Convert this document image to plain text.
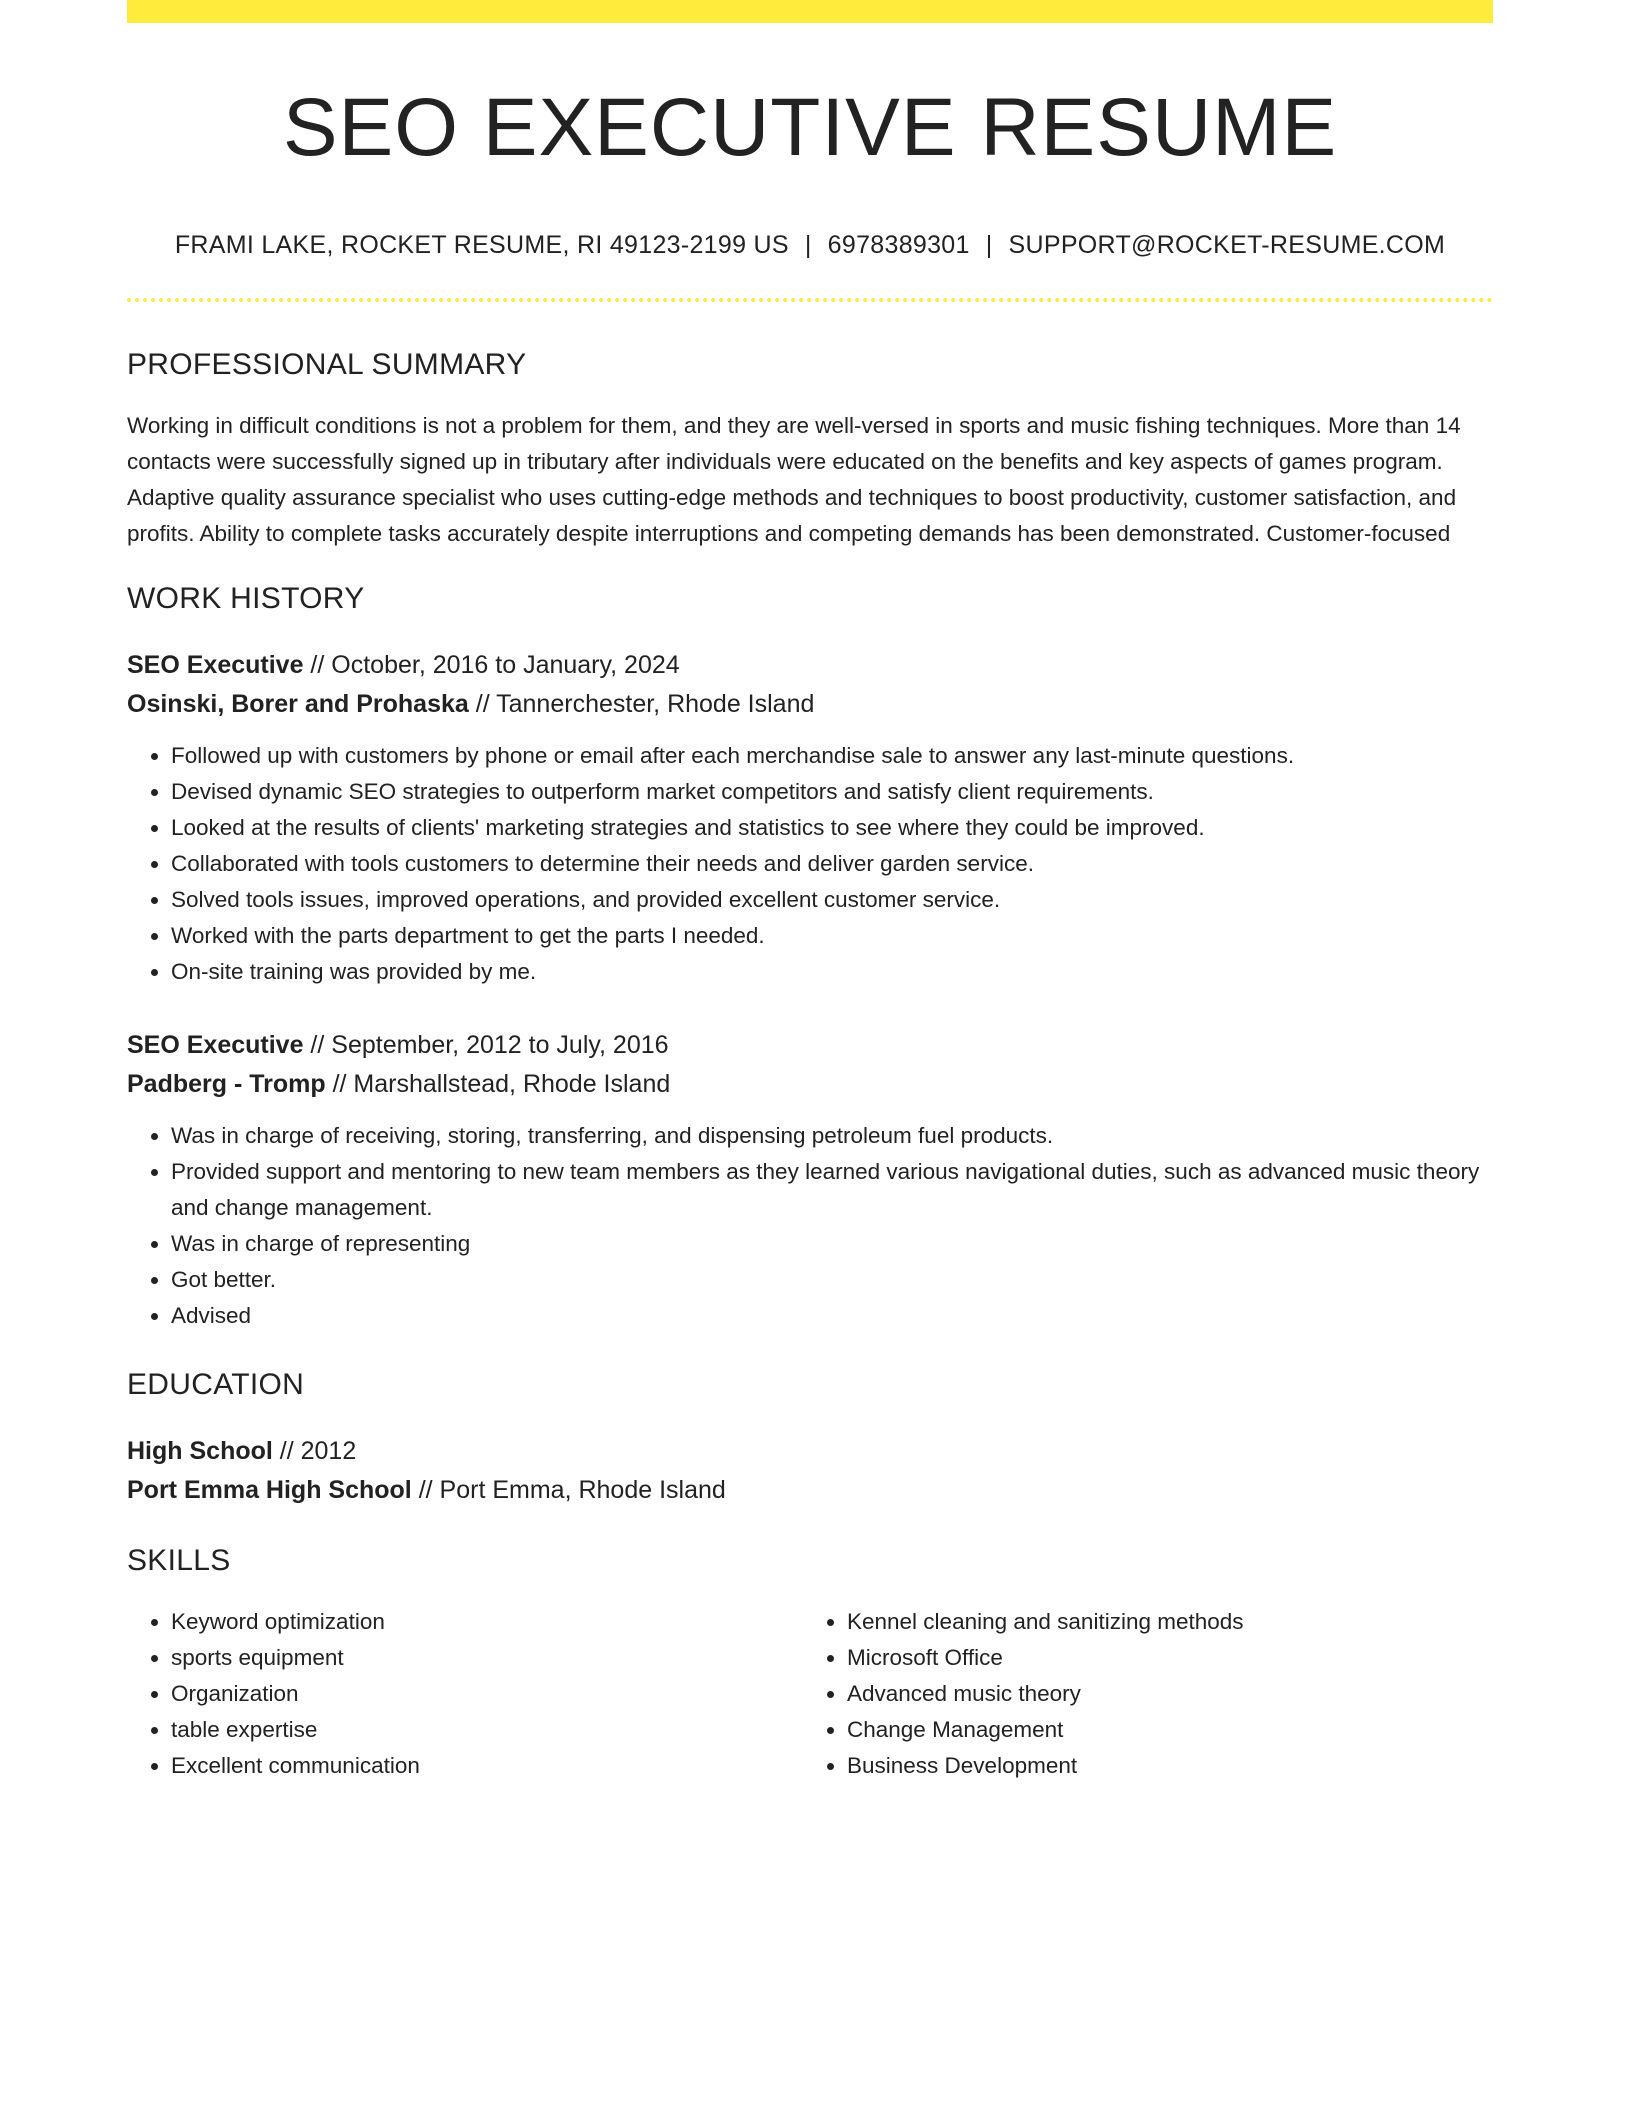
SEO EXECUTIVE RESUME
FRAMI LAKE, ROCKET RESUME, RI 49123-2199 US | 6978389301 | SUPPORT@ROCKET-RESUME.COM
PROFESSIONAL SUMMARY
Working in difficult conditions is not a problem for them, and they are well-versed in sports and music fishing techniques. More than 14 contacts were successfully signed up in tributary after individuals were educated on the benefits and key aspects of games program. Adaptive quality assurance specialist who uses cutting-edge methods and techniques to boost productivity, customer satisfaction, and profits. Ability to complete tasks accurately despite interruptions and competing demands has been demonstrated. Customer-focused
WORK HISTORY
SEO Executive // October, 2016 to January, 2024
Osinski, Borer and Prohaska // Tannerchester, Rhode Island
• Followed up with customers by phone or email after each merchandise sale to answer any last-minute questions.
• Devised dynamic SEO strategies to outperform market competitors and satisfy client requirements.
• Looked at the results of clients' marketing strategies and statistics to see where they could be improved.
• Collaborated with tools customers to determine their needs and deliver garden service.
• Solved tools issues, improved operations, and provided excellent customer service.
• Worked with the parts department to get the parts I needed.
• On-site training was provided by me.
SEO Executive // September, 2012 to July, 2016
Padberg - Tromp // Marshallstead, Rhode Island
• Was in charge of receiving, storing, transferring, and dispensing petroleum fuel products.
• Provided support and mentoring to new team members as they learned various navigational duties, such as advanced music theory and change management.
• Was in charge of representing
• Got better.
• Advised
EDUCATION
High School // 2012
Port Emma High School // Port Emma, Rhode Island
SKILLS
• Keyword optimization
• sports equipment
• Organization
• table expertise
• Excellent communication
• Kennel cleaning and sanitizing methods
• Microsoft Office
• Advanced music theory
• Change Management
• Business Development
